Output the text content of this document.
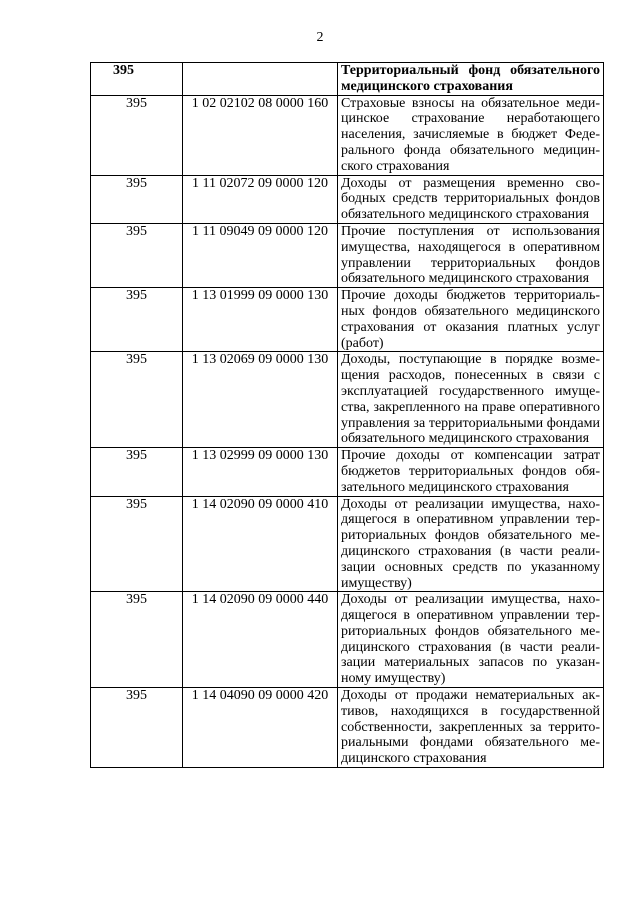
2
395		Территориальный фонд обязательного медицинского страхования
395	1 02 02102 08 0000 160	Страховые взносы на обязательное медицинское страхование неработающего населения, зачисляемые в бюджет Федерального фонда обязательного медицинского страхования
395	1 11 02072 09 0000 120	Доходы от размещения временно свободных средств территориальных фондов обязательного медицинского страхования
395	1 11 09049 09 0000 120	Прочие поступления от использования имущества, находящегося в оперативном управлении территориальных фондов обязательного медицинского страхования
395	1 13 01999 09 0000 130	Прочие доходы бюджетов территориальных фондов обязательного медицинского страхования от оказания платных услуг (работ)
395	1 13 02069 09 0000 130	Доходы, поступающие в порядке возмещения расходов, понесенных в связи с эксплуатацией государственного имущества, закрепленного на праве оперативного управления за территориальными фондами обязательного медицинского страхования
395	1 13 02999 09 0000 130	Прочие доходы от компенсации затрат бюджетов территориальных фондов обязательного медицинского страхования
395	1 14 02090 09 0000 410	Доходы от реализации имущества, находящегося в оперативном управлении территориальных фондов обязательного медицинского страхования (в части реализации основных средств по указанному имуществу)
395	1 14 02090 09 0000 440	Доходы от реализации имущества, находящегося в оперативном управлении территориальных фондов обязательного медицинского страхования (в части реализации материальных запасов по указанному имуществу)
395	1 14 04090 09 0000 420	Доходы от продажи нематериальных активов, находящихся в государственной собственности, закрепленных за территориальными фондами обязательного медицинского страхования
